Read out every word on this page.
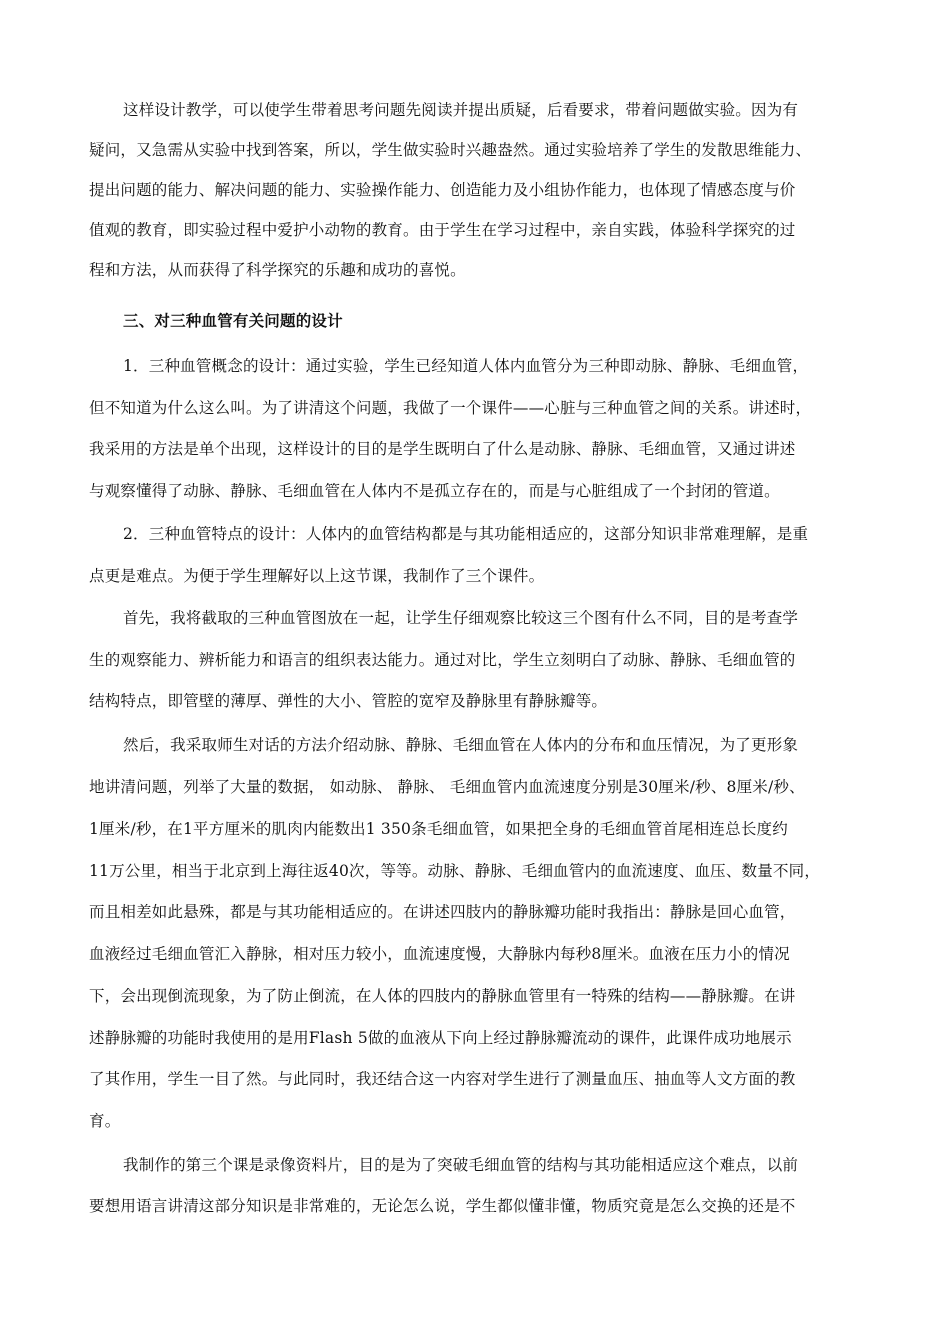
这样设计教学，可以使学生带着思考问题先阅读并提出质疑，后看要求，带着问题做实验。因为有
疑问，又急需从实验中找到答案，所以，学生做实验时兴趣盎然。通过实验培养了学生的发散思维能力、
提出问题的能力、解决问题的能力、实验操作能力、创造能力及小组协作能力，也体现了情感态度与价
值观的教育，即实验过程中爱护小动物的教育。由于学生在学习过程中，亲自实践，体验科学探究的过
程和方法，从而获得了科学探究的乐趣和成功的喜悦。
三、对三种血管有关问题的设计
1．三种血管概念的设计：通过实验，学生已经知道人体内血管分为三种即动脉、静脉、毛细血管，
但不知道为什么这么叫。为了讲清这个问题，我做了一个课件——心脏与三种血管之间的关系。讲述时，
我采用的方法是单个出现，这样设计的目的是学生既明白了什么是动脉、静脉、毛细血管，又通过讲述
与观察懂得了动脉、静脉、毛细血管在人体内不是孤立存在的，而是与心脏组成了一个封闭的管道。
2．三种血管特点的设计：人体内的血管结构都是与其功能相适应的，这部分知识非常难理解，是重
点更是难点。为便于学生理解好以上这节课，我制作了三个课件。
首先，我将截取的三种血管图放在一起，让学生仔细观察比较这三个图有什么不同，目的是考查学
生的观察能力、辨析能力和语言的组织表达能力。通过对比，学生立刻明白了动脉、静脉、毛细血管的
结构特点，即管壁的薄厚、弹性的大小、管腔的宽窄及静脉里有静脉瓣等。
然后，我采取师生对话的方法介绍动脉、静脉、毛细血管在人体内的分布和血压情况，为了更形象
地讲清问题，列举了大量的数据， 如动脉、 静脉、 毛细血管内血流速度分别是30厘米/秒、8厘米/秒、
1厘米/秒，在1平方厘米的肌肉内能数出1 350条毛细血管，如果把全身的毛细血管首尾相连总长度约
11万公里，相当于北京到上海往返40次，等等。动脉、静脉、毛细血管内的血流速度、血压、数量不同，
而且相差如此悬殊，都是与其功能相适应的。在讲述四肢内的静脉瓣功能时我指出：静脉是回心血管，
血液经过毛细血管汇入静脉，相对压力较小，血流速度慢，大静脉内每秒8厘米。血液在压力小的情况
下，会出现倒流现象，为了防止倒流，在人体的四肢内的静脉血管里有一特殊的结构——静脉瓣。在讲
述静脉瓣的功能时我使用的是用Flash 5做的血液从下向上经过静脉瓣流动的课件，此课件成功地展示
了其作用，学生一目了然。与此同时，我还结合这一内容对学生进行了测量血压、抽血等人文方面的教
育。
我制作的第三个课是录像资料片，目的是为了突破毛细血管的结构与其功能相适应这个难点，以前
要想用语言讲清这部分知识是非常难的，无论怎么说，学生都似懂非懂，物质究竟是怎么交换的还是不
